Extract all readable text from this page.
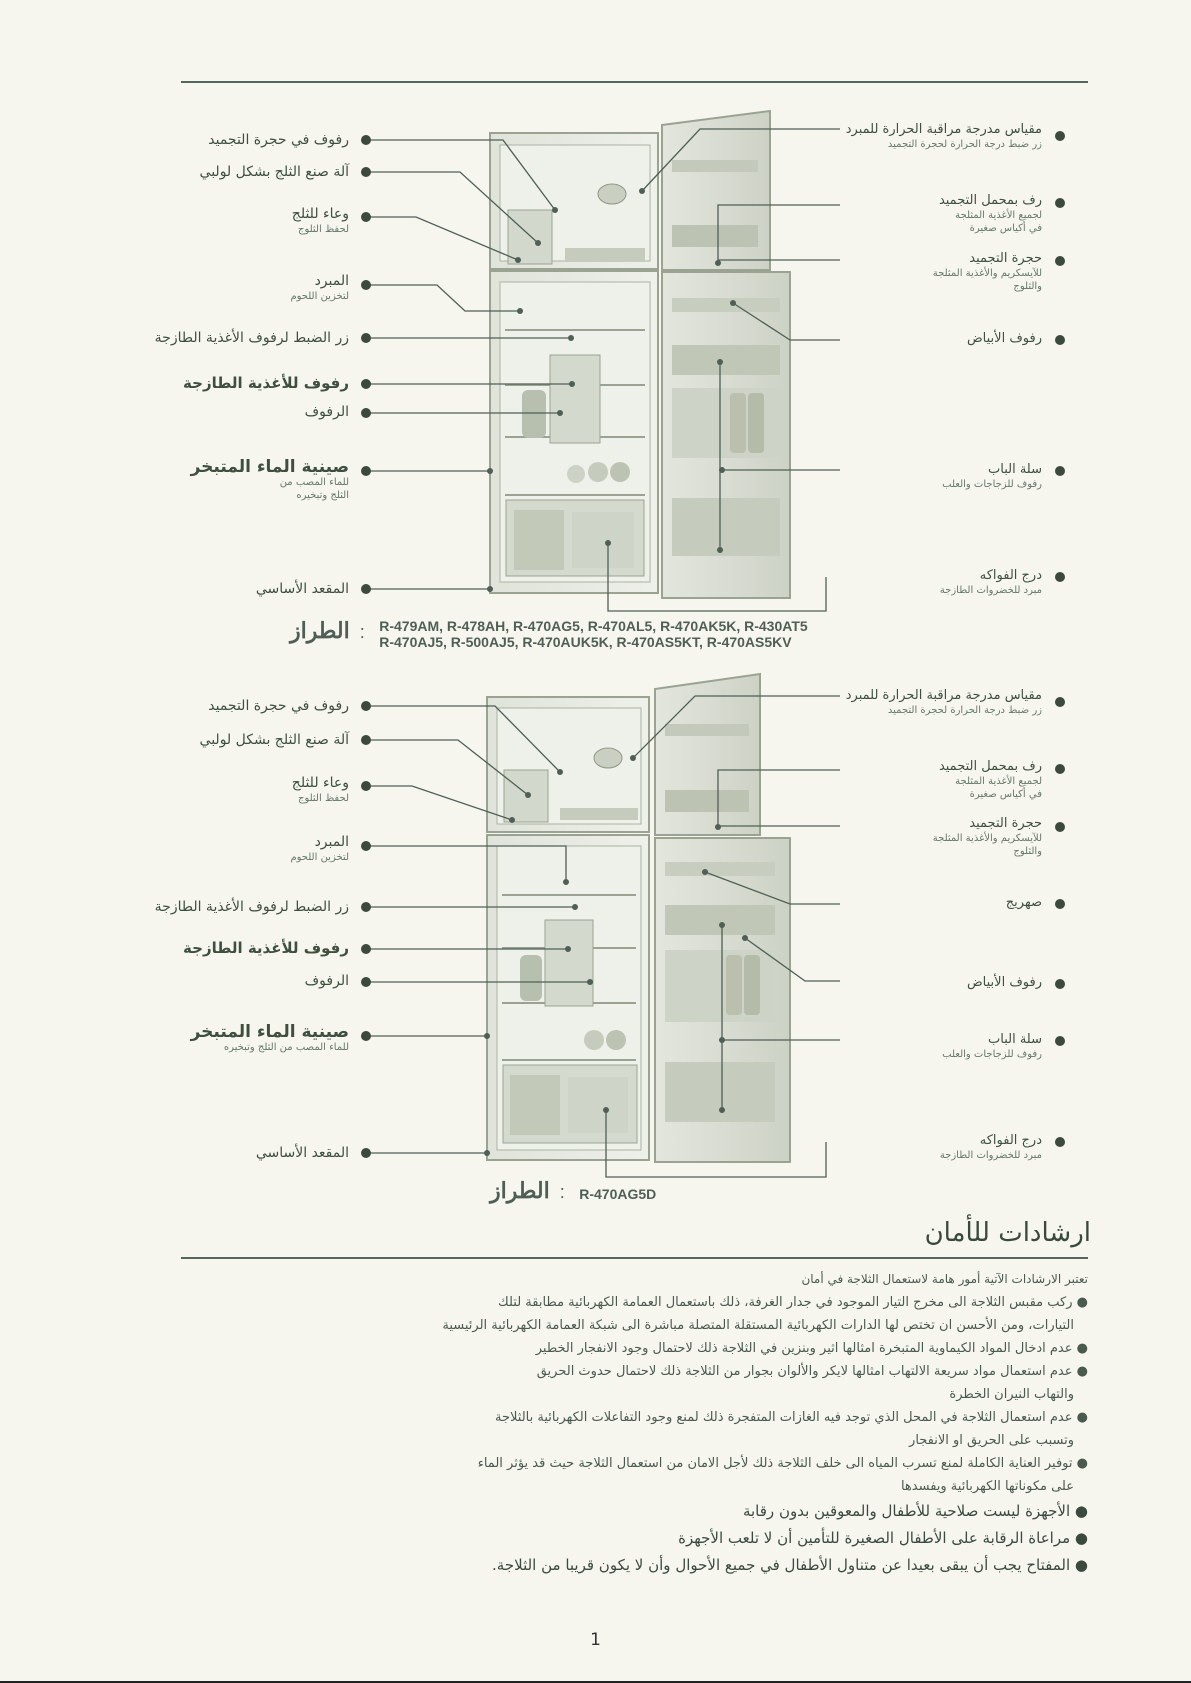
رفوف في حجرة التجميد
آلة صنع الثلج بشكل لولبي
وعاء للثلج
لحفظ الثلوج
المبرد
لتخزين اللحوم
زر الضبط لرفوف الأغذية الطازجة
رفوف للأغذية الطازجة
الرفوف
صينية الماء المتبخر
للماء المصب من الثلج وتبخيره
المقعد الأساسي
مقياس مدرجة مراقبة الحرارة للمبرد
زر ضبط درجة الحرارة لحجرة التجميد
رف بمحمل التجميد
لجميع الأغذية المثلجة في أكياس صغيرة
حجرة التجميد
للآيسكريم والأغذية المثلجة والثلوج
رفوف الأبياض
سلة الباب
رفوف للزجاجات والعلب
درج الفواكه
مبرد للخضروات الطازجة
الطراز : R-479AM, R-478AH, R-470AG5, R-470AL5, R-470AK5K, R-430AT5
R-470AJ5, R-500AJ5, R-470AUK5K, R-470AS5KT, R-470AS5KV
رفوف في حجرة التجميد
آلة صنع الثلج بشكل لولبي
وعاء للثلج
لحفظ الثلوج
المبرد
لتخزين اللحوم
زر الضبط لرفوف الأغذية الطازجة
رفوف للأغذية الطازجة
الرفوف
صينية الماء المتبخر
للماء المصب من الثلج وتبخيره
المقعد الأساسي
مقياس مدرجة مراقبة الحرارة للمبرد
زر ضبط درجة الحرارة لحجرة التجميد
رف بمحمل التجميد
لجميع الأغذية المثلجة في أكياس صغيرة
حجرة التجميد
للآيسكريم والأغذية المثلجة والثلوج
صهريج
رفوف الأبياض
سلة الباب
رفوف للزجاجات والعلب
درج الفواكه
مبرد للخضروات الطازجة
الطراز : R-470AG5D
ارشادات للأمان

تعتبر الارشادات الآتية أمور هامة لاستعمال الثلاجة في أمان

● ركب مقبس الثلاجة الى مخرج التيار الموجود في جدار الغرفة، ذلك باستعمال العمامة الكهربائية مطابقة لتلك

التيارات، ومن الأحسن ان تختص لها الدارات الكهربائية المستقلة المتصلة مباشرة الى شبكة العمامة الكهربائية الرئيسية

● عدم ادخال المواد الكيماوية المتبخرة امثالها اثير وبنزين في الثلاجة ذلك لاحتمال وجود الانفجار الخطير

● عدم استعمال مواد سريعة الالتهاب امثالها لايكر والألوان بجوار من الثلاجة ذلك لاحتمال حدوث الحريق

والتهاب النيران الخطرة

● عدم استعمال الثلاجة في المحل الذي توجد فيه الغازات المتفجرة ذلك لمنع وجود التفاعلات الكهربائية بالثلاجة

وتسبب على الحريق او الانفجار

● توفير العناية الكاملة لمنع تسرب المياه الى خلف الثلاجة ذلك لأجل الامان من استعمال الثلاجة حيث قد يؤثر الماء

على مكوناتها الكهربائية ويفسدها

● الأجهزة ليست صلاحية للأطفال والمعوقين بدون رقابة

● مراعاة الرقابة على الأطفال الصغيرة للتأمين أن لا تلعب الأجهزة

● المفتاح يجب أن يبقى بعيدا عن متناول الأطفال في جميع الأحوال وأن لا يكون قريبا من الثلاجة.

1
